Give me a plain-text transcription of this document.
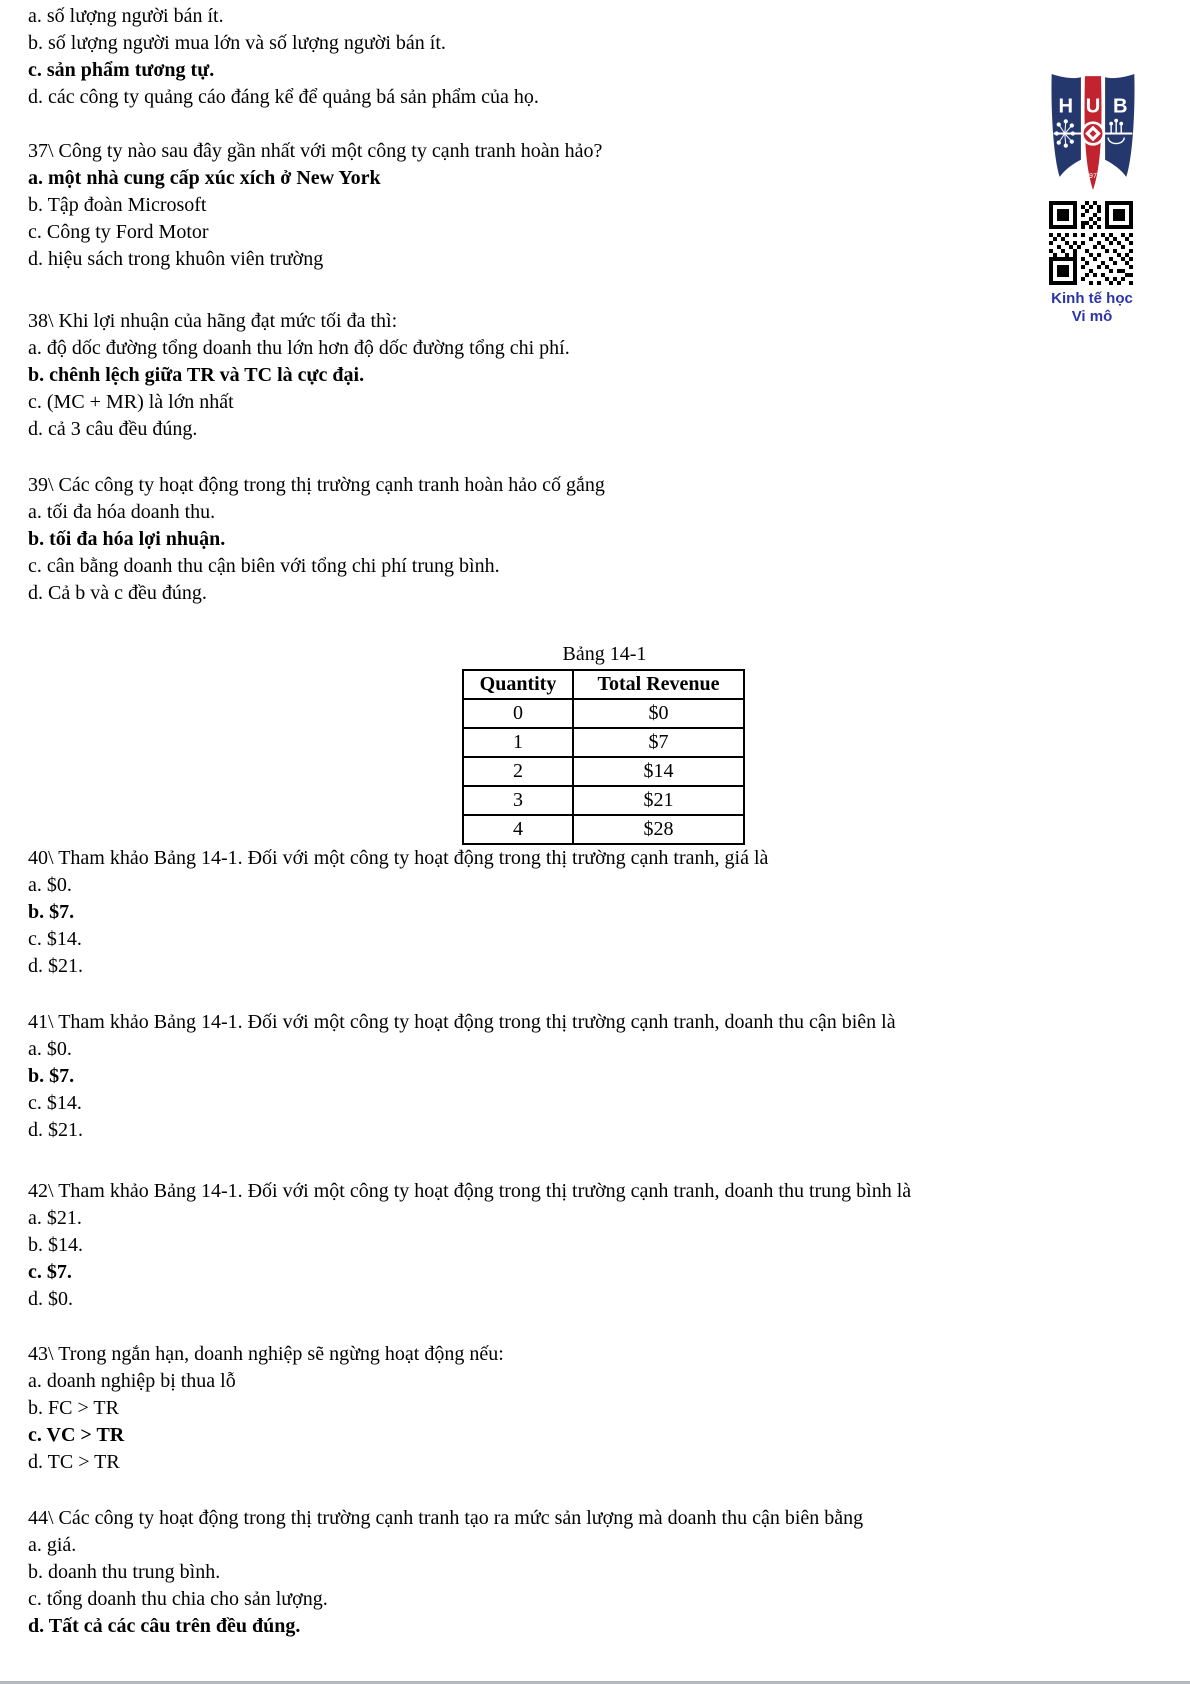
a. số lượng người bán ít.
b. số lượng người mua lớn và số lượng người bán ít.
c. sản phẩm tương tự.
d. các công ty quảng cáo đáng kể để quảng bá sản phẩm của họ.
37\ Công ty nào sau đây gần nhất với một công ty cạnh tranh hoàn hảo?
a. một nhà cung cấp xúc xích ở New York
b. Tập đoàn Microsoft
c. Công ty Ford Motor
d. hiệu sách trong khuôn viên trường
38\ Khi lợi nhuận của hãng đạt mức tối đa thì:
a. độ dốc đường tổng doanh thu lớn hơn độ dốc đường tổng chi phí.
b. chênh lệch giữa TR và TC là cực đại.
c. (MC + MR) là lớn nhất
d. cả 3 câu đều đúng.
39\ Các công ty hoạt động trong thị trường cạnh tranh hoàn hảo cố gắng
a. tối đa hóa doanh thu.
b. tối đa hóa lợi nhuận.
c. cân bằng doanh thu cận biên với tổng chi phí trung bình.
d. Cả b và c đều đúng.
Bảng 14-1
Quantity	Total Revenue
0	$0
1	$7
2	$14
3	$21
4	$28
40\ Tham khảo Bảng 14-1. Đối với một công ty hoạt động trong thị trường cạnh tranh, giá là
a. $0.
b. $7.
c. $14.
d. $21.
41\ Tham khảo Bảng 14-1. Đối với một công ty hoạt động trong thị trường cạnh tranh, doanh thu cận biên là
a. $0.
b. $7.
c. $14.
d. $21.
42\ Tham khảo Bảng 14-1. Đối với một công ty hoạt động trong thị trường cạnh tranh, doanh thu trung bình là
a. $21.
b. $14.
c. $7.
d. $0.
43\ Trong ngắn hạn, doanh nghiệp sẽ ngừng hoạt động nếu:
a. doanh nghiệp bị thua lỗ
b. FC > TR
c. VC > TR
d. TC > TR
44\ Các công ty hoạt động trong thị trường cạnh tranh tạo ra mức sản lượng mà doanh thu cận biên bằng
a. giá.
b. doanh thu trung bình.
c. tổng doanh thu chia cho sản lượng.
d. Tất cả các câu trên đều đúng.
H U B
1976
Kinh tế học
Vi mô
